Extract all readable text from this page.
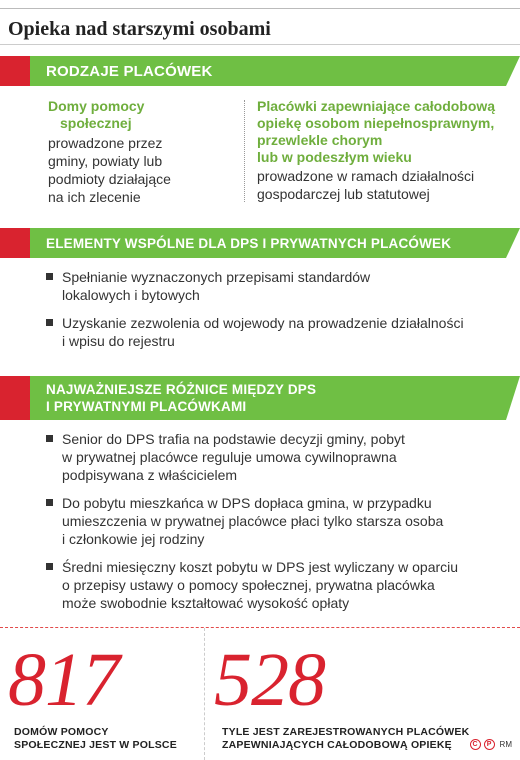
Opieka nad starszymi osobami
RODZAJE PLACÓWEK
Domy pomocy
społecznej
prowadzone przez
gminy, powiaty lub
podmioty działające
na ich zlecenie
Placówki zapewniające całodobową
opiekę osobom niepełnosprawnym,
przewlekle chorym
lub w podeszłym wieku
prowadzone w ramach działalności
gospodarczej lub statutowej
ELEMENTY WSPÓLNE DLA DPS I PRYWATNYCH PLACÓWEK
Spełnianie wyznaczonych przepisami standardów
lokalowych i bytowych
Uzyskanie zezwolenia od wojewody na prowadzenie działalności
i wpisu do rejestru
NAJWAŻNIEJSZE RÓŻNICE MIĘDZY DPS
I PRYWATNYMI PLACÓWKAMI
Senior do DPS trafia na podstawie decyzji gminy, pobyt
w prywatnej placówce reguluje umowa cywilnoprawna
podpisywana z właścicielem
Do pobytu mieszkańca w DPS dopłaca gmina, w przypadku
umieszczenia w prywatnej placówce płaci tylko starsza osoba
i członkowie jej rodziny
Średni miesięczny koszt pobytu w DPS jest wyliczany w oparciu
o przepisy ustawy o pomocy społecznej, prywatna placówka
może swobodnie kształtować wysokość opłaty
817
DOMÓW POMOCY
SPOŁECZNEJ JEST W POLSCE
528
TYLE JEST ZAREJESTROWANYCH PLACÓWEK
ZAPEWNIAJĄCYCH CAŁODOBOWĄ OPIEKĘ	C	P	RM
